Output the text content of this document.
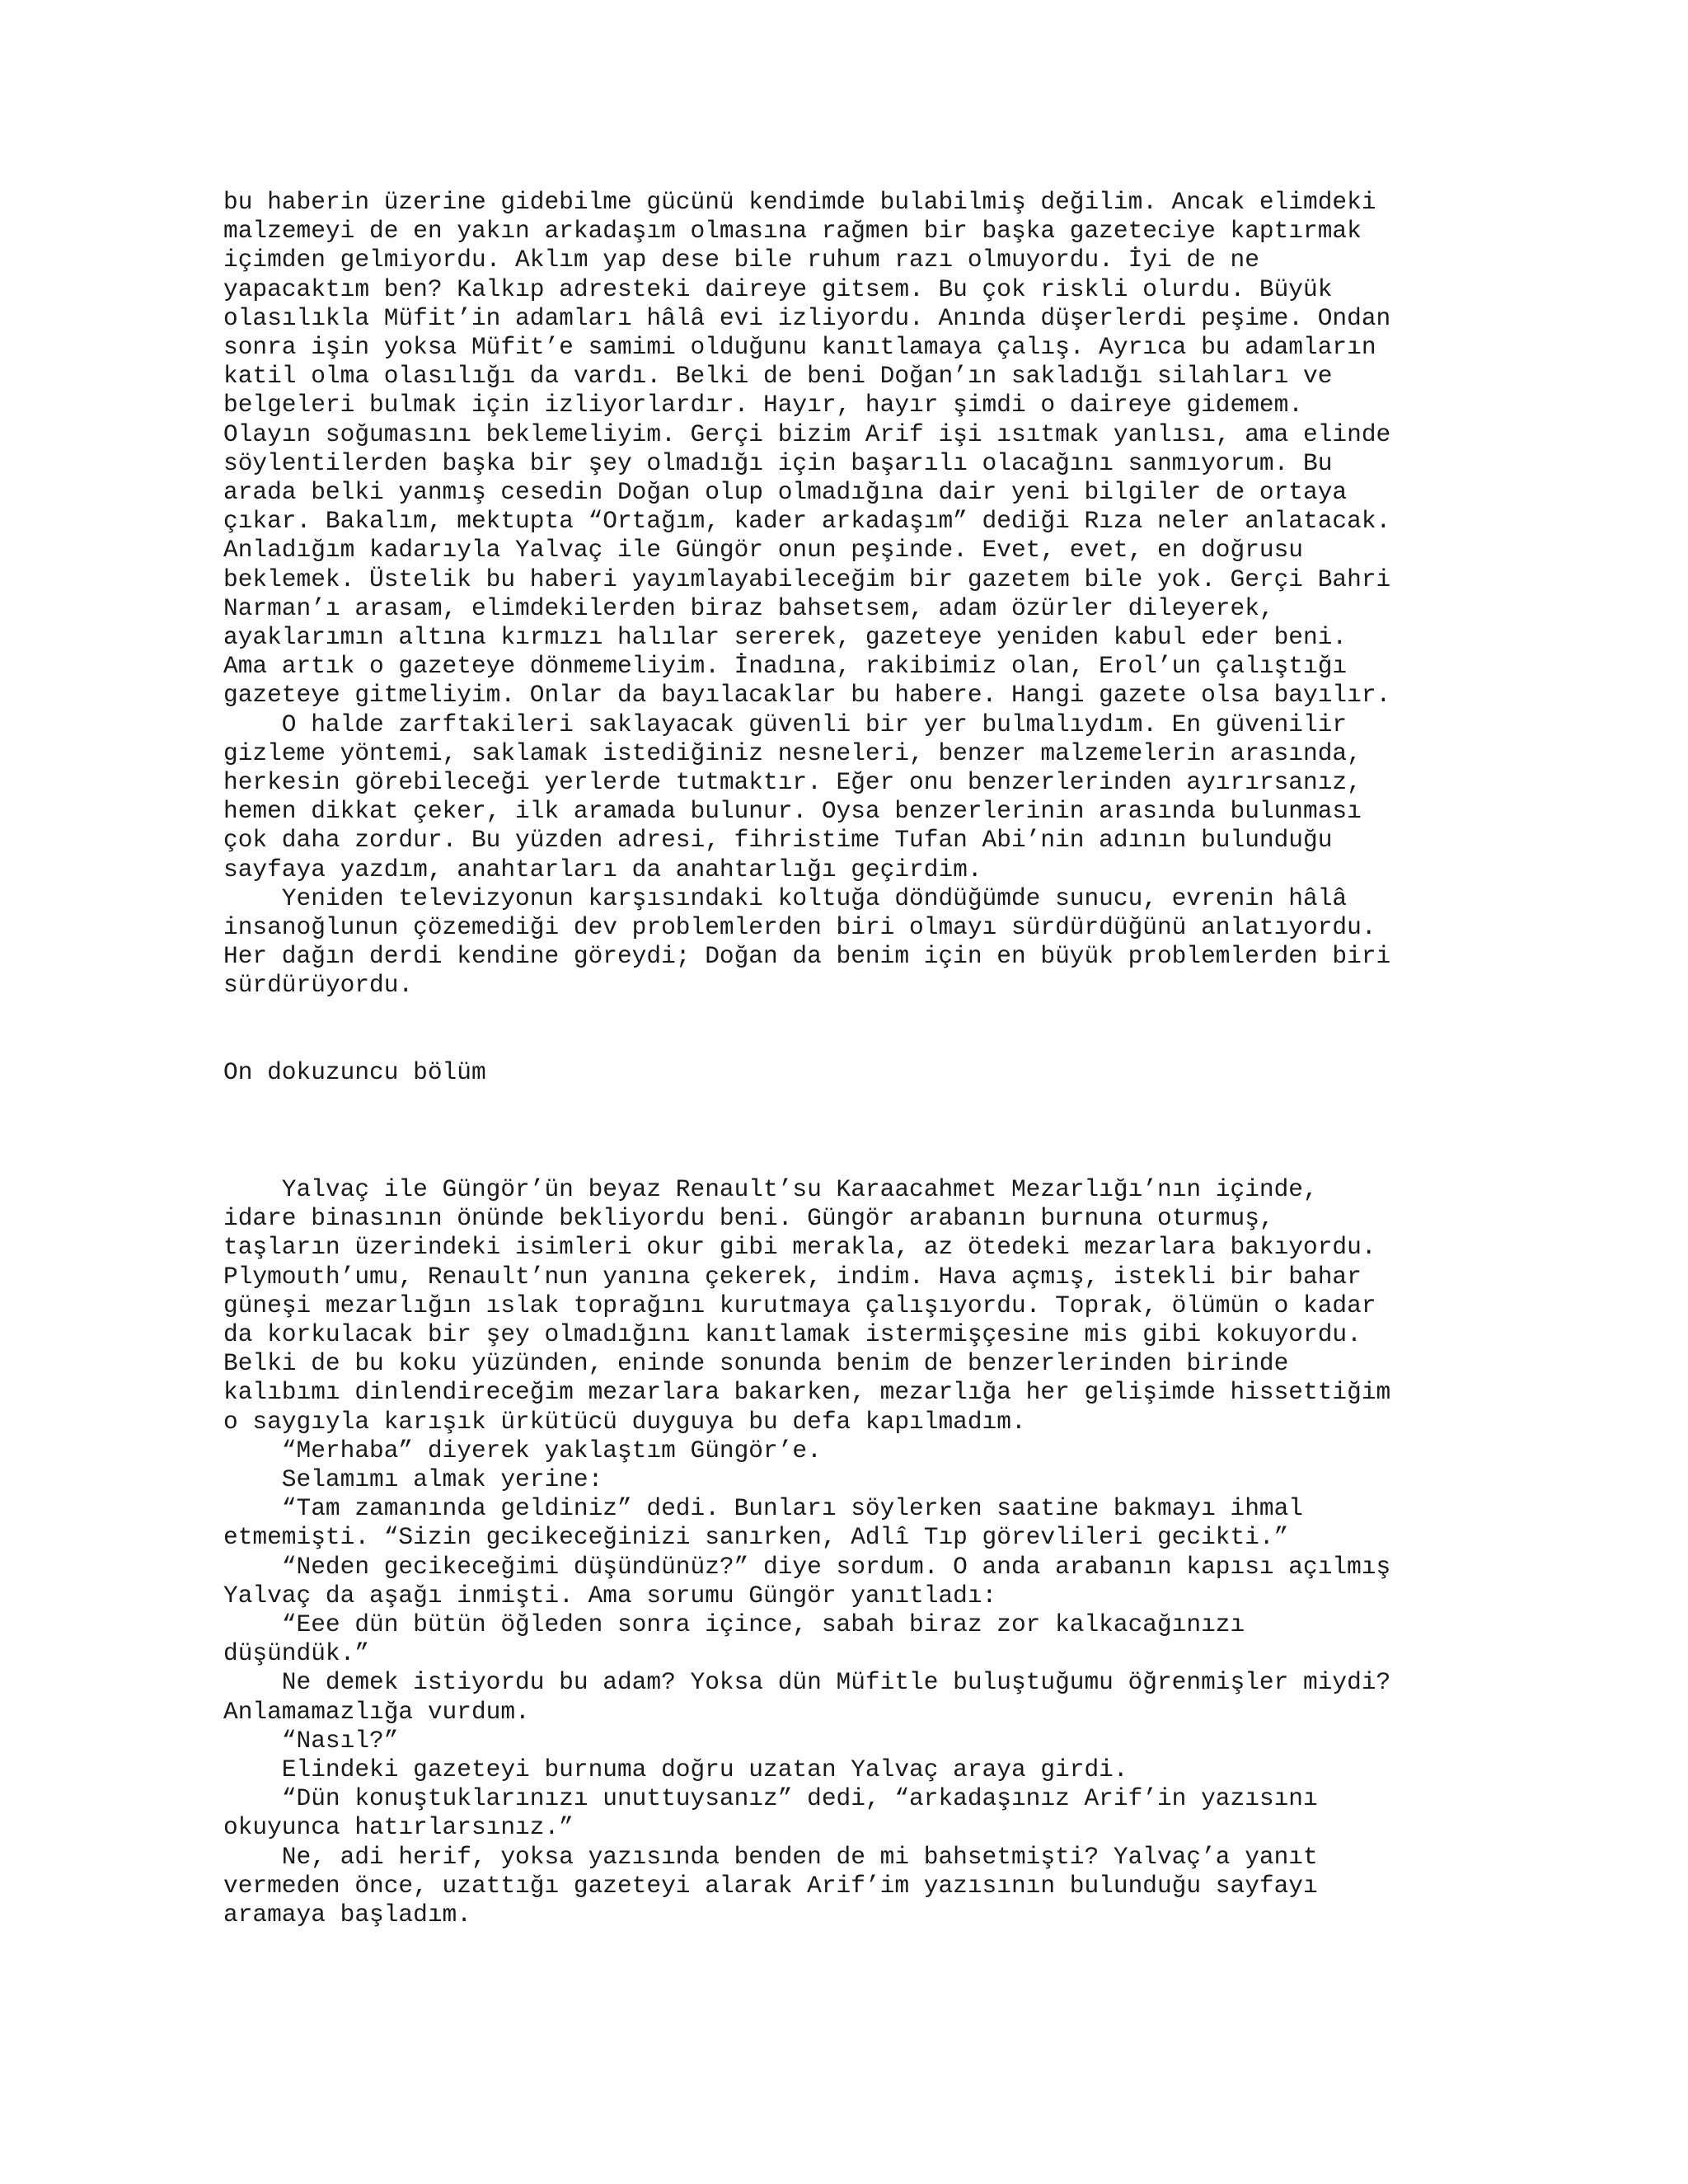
bu haberin üzerine gidebilme gücünü kendimde bulabilmiş değilim. Ancak elimdeki
malzemeyi de en yakın arkadaşım olmasına rağmen bir başka gazeteciye kaptırmak
içimden gelmiyordu. Aklım yap dese bile ruhum razı olmuyordu. İyi de ne
yapacaktım ben? Kalkıp adresteki daireye gitsem. Bu çok riskli olurdu. Büyük
olasılıkla Müfit’in adamları hâlâ evi izliyordu. Anında düşerlerdi peşime. Ondan
sonra işin yoksa Müfit’e samimi olduğunu kanıtlamaya çalış. Ayrıca bu adamların
katil olma olasılığı da vardı. Belki de beni Doğan’ın sakladığı silahları ve
belgeleri bulmak için izliyorlardır. Hayır, hayır şimdi o daireye gidemem.
Olayın soğumasını beklemeliyim. Gerçi bizim Arif işi ısıtmak yanlısı, ama elinde
söylentilerden başka bir şey olmadığı için başarılı olacağını sanmıyorum. Bu
arada belki yanmış cesedin Doğan olup olmadığına dair yeni bilgiler de ortaya
çıkar. Bakalım, mektupta “Ortağım, kader arkadaşım” dediği Rıza neler anlatacak.
Anladığım kadarıyla Yalvaç ile Güngör onun peşinde. Evet, evet, en doğrusu
beklemek. Üstelik bu haberi yayımlayabileceğim bir gazetem bile yok. Gerçi Bahri
Narman’ı arasam, elimdekilerden biraz bahsetsem, adam özürler dileyerek,
ayaklarımın altına kırmızı halılar sererek, gazeteye yeniden kabul eder beni.
Ama artık o gazeteye dönmemeliyim. İnadına, rakibimiz olan, Erol’un çalıştığı
gazeteye gitmeliyim. Onlar da bayılacaklar bu habere. Hangi gazete olsa bayılır.
O halde zarftakileri saklayacak güvenli bir yer bulmalıydım. En güvenilir
gizleme yöntemi, saklamak istediğiniz nesneleri, benzer malzemelerin arasında,
herkesin görebileceği yerlerde tutmaktır. Eğer onu benzerlerinden ayırırsanız,
hemen dikkat çeker, ilk aramada bulunur. Oysa benzerlerinin arasında bulunması
çok daha zordur. Bu yüzden adresi, fihristime Tufan Abi’nin adının bulunduğu
sayfaya yazdım, anahtarları da anahtarlığı geçirdim.
Yeniden televizyonun karşısındaki koltuğa döndüğümde sunucu, evrenin hâlâ
insanoğlunun çözemediği dev problemlerden biri olmayı sürdürdüğünü anlatıyordu.
Her dağın derdi kendine göreydi; Doğan da benim için en büyük problemlerden biri
sürdürüyordu.
On dokuzuncu bölüm
Yalvaç ile Güngör’ün beyaz Renault’su Karaacahmet Mezarlığı’nın içinde,
idare binasının önünde bekliyordu beni. Güngör arabanın burnuna oturmuş,
taşların üzerindeki isimleri okur gibi merakla, az ötedeki mezarlara bakıyordu.
Plymouth’umu, Renault’nun yanına çekerek, indim. Hava açmış, istekli bir bahar
güneşi mezarlığın ıslak toprağını kurutmaya çalışıyordu. Toprak, ölümün o kadar
da korkulacak bir şey olmadığını kanıtlamak istermişçesine mis gibi kokuyordu.
Belki de bu koku yüzünden, eninde sonunda benim de benzerlerinden birinde
kalıbımı dinlendireceğim mezarlara bakarken, mezarlığa her gelişimde hissettiğim
o saygıyla karışık ürkütücü duyguya bu defa kapılmadım.
“Merhaba” diyerek yaklaştım Güngör’e.
Selamımı almak yerine:
“Tam zamanında geldiniz” dedi. Bunları söylerken saatine bakmayı ihmal
etmemişti. “Sizin gecikeceğinizi sanırken, Adlî Tıp görevlileri gecikti.”
“Neden gecikeceğimi düşündünüz?” diye sordum. O anda arabanın kapısı açılmış
Yalvaç da aşağı inmişti. Ama sorumu Güngör yanıtladı:
“Eee dün bütün öğleden sonra içince, sabah biraz zor kalkacağınızı
düşündük.”
Ne demek istiyordu bu adam? Yoksa dün Müfitle buluştuğumu öğrenmişler miydi?
Anlamamazlığa vurdum.
“Nasıl?”
Elindeki gazeteyi burnuma doğru uzatan Yalvaç araya girdi.
“Dün konuştuklarınızı unuttuysanız” dedi, “arkadaşınız Arif’in yazısını
okuyunca hatırlarsınız.”
Ne, adi herif, yoksa yazısında benden de mi bahsetmişti? Yalvaç’a yanıt
vermeden önce, uzattığı gazeteyi alarak Arif’im yazısının bulunduğu sayfayı
aramaya başladım.
